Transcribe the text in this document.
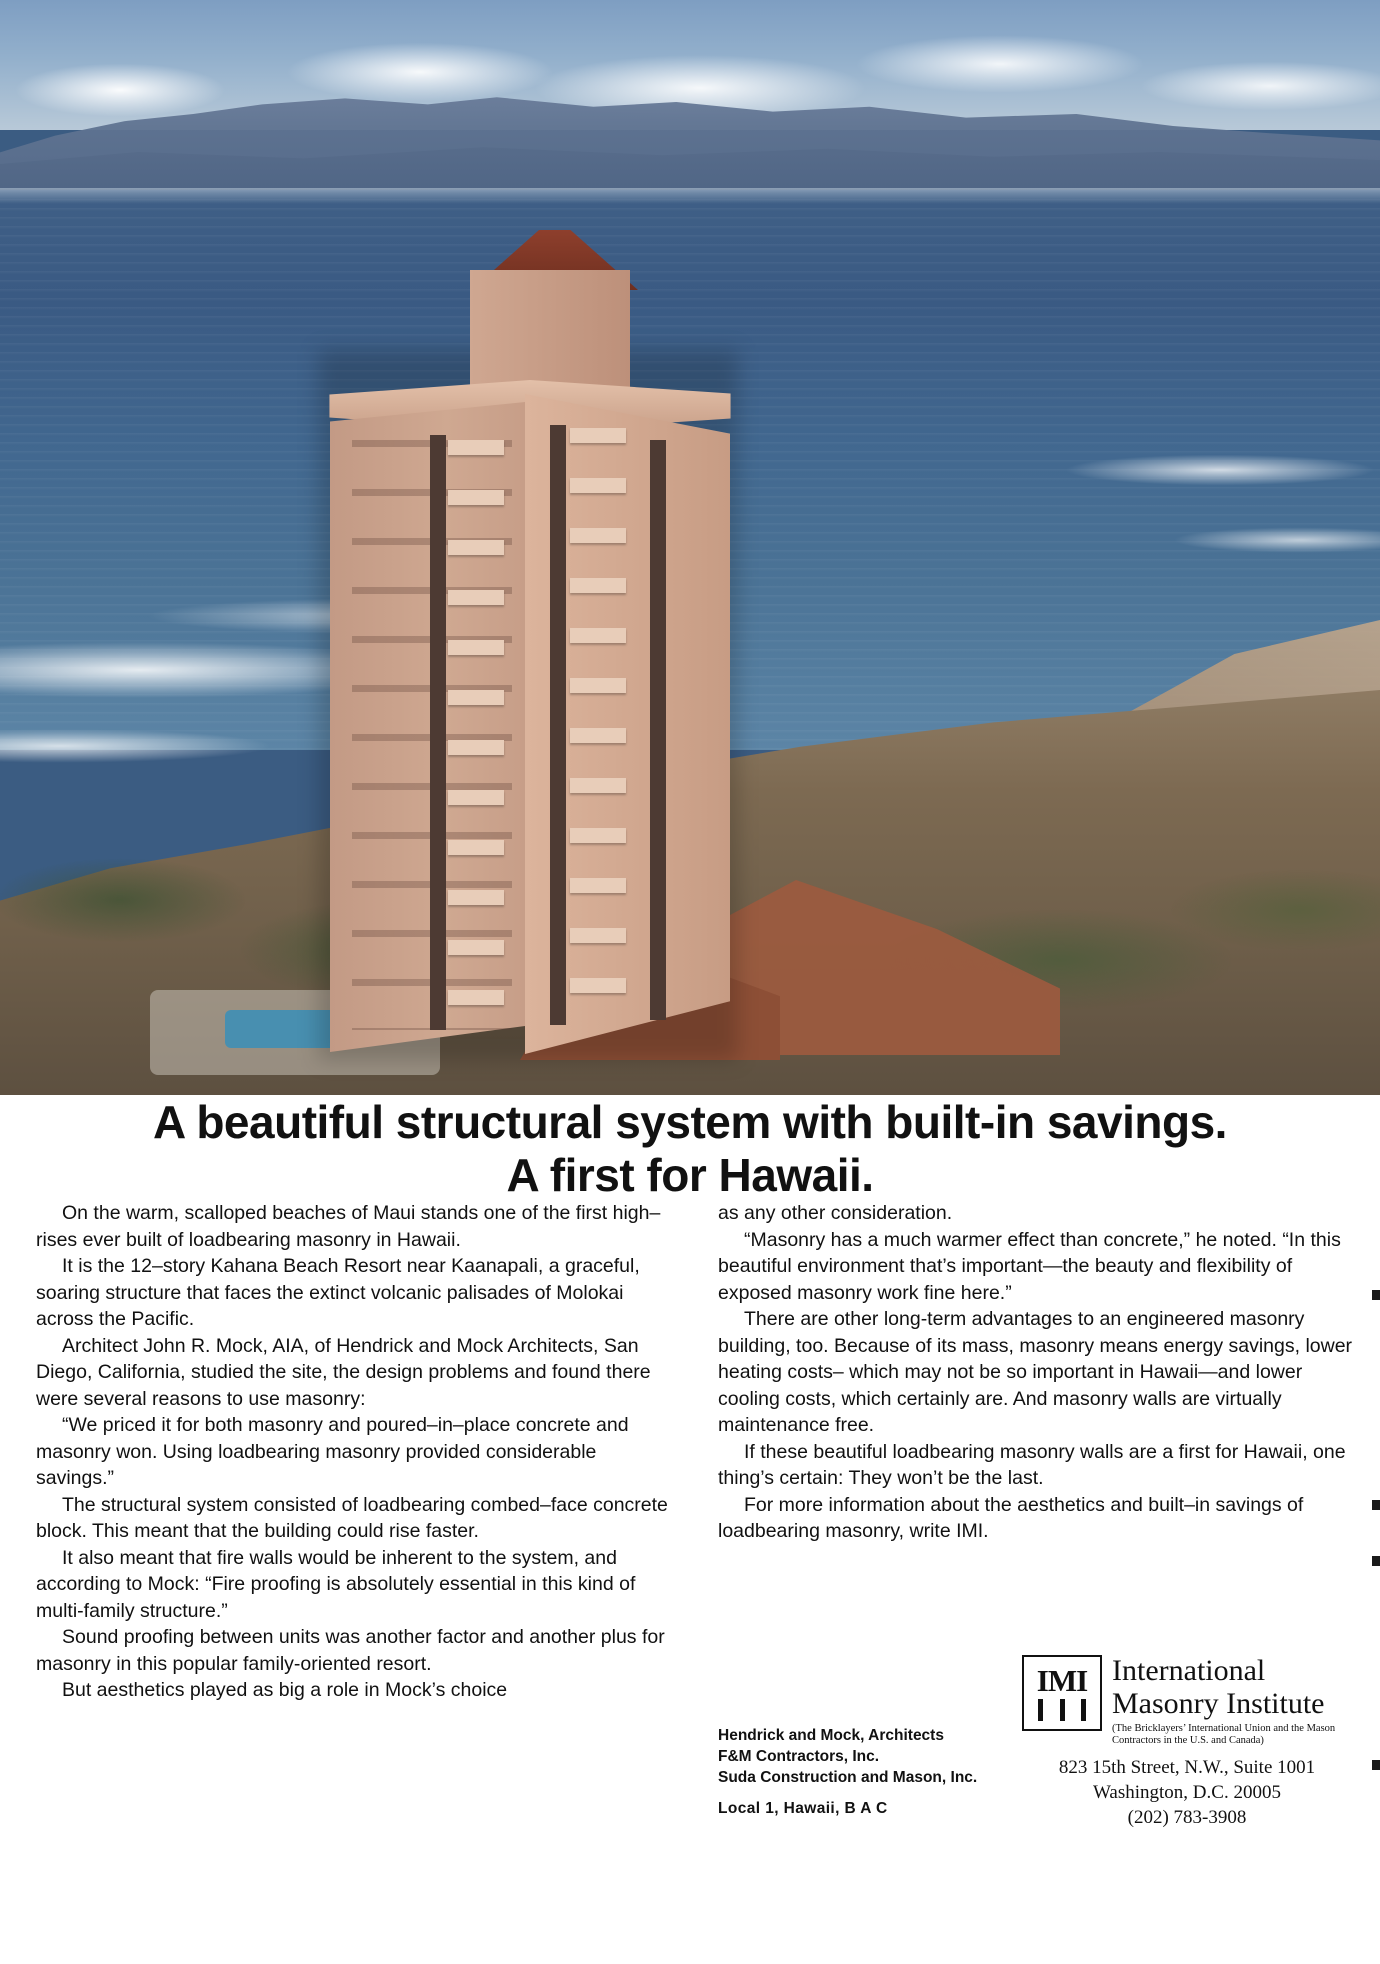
A beautiful structural system with built-in savings.
A first for Hawaii.

On the warm, scalloped beaches of Maui stands one of the first high–rises ever built of loadbearing masonry in Hawaii.

It is the 12–story Kahana Beach Resort near Kaanapali, a graceful, soaring structure that faces the extinct volcanic palisades of Molokai across the Pacific.

Architect John R. Mock, AIA, of Hendrick and Mock Architects, San Diego, California, studied the site, the design problems and found there were several reasons to use masonry:

“We priced it for both masonry and poured–in–place concrete and masonry won. Using loadbearing masonry provided considerable savings.”

The structural system consisted of loadbearing combed–face concrete block. This meant that the building could rise faster.

It also meant that fire walls would be inherent to the system, and according to Mock: “Fire proofing is absolutely essential in this kind of multi-family structure.”

Sound proofing between units was another factor and another plus for masonry in this popular family-oriented resort.

But aesthetics played as big a role in Mock’s choice

as any other consideration.

“Masonry has a much warmer effect than concrete,” he noted. “In this beautiful environment that’s important—the beauty and flexibility of exposed masonry work fine here.”

There are other long-term advantages to an engineered masonry building, too. Because of its mass, masonry means energy savings, lower heating costs– which may not be so important in Hawaii—and lower cooling costs, which certainly are. And masonry walls are virtually maintenance free.

If these beautiful loadbearing masonry walls are a first for Hawaii, one thing’s certain: They won’t be the last.

For more information about the aesthetics and built–in savings of loadbearing masonry, write IMI.

Hendrick and Mock, Architects
F&M Contractors, Inc.
Suda Construction and Mason, Inc.
Local 1, Hawaii, B A C
IMI International
Masonry Institute
(The Bricklayers’ International Union and the Mason Contractors in the U.S. and Canada)
823 15th Street, N.W., Suite 1001
Washington, D.C. 20005
(202) 783-3908
